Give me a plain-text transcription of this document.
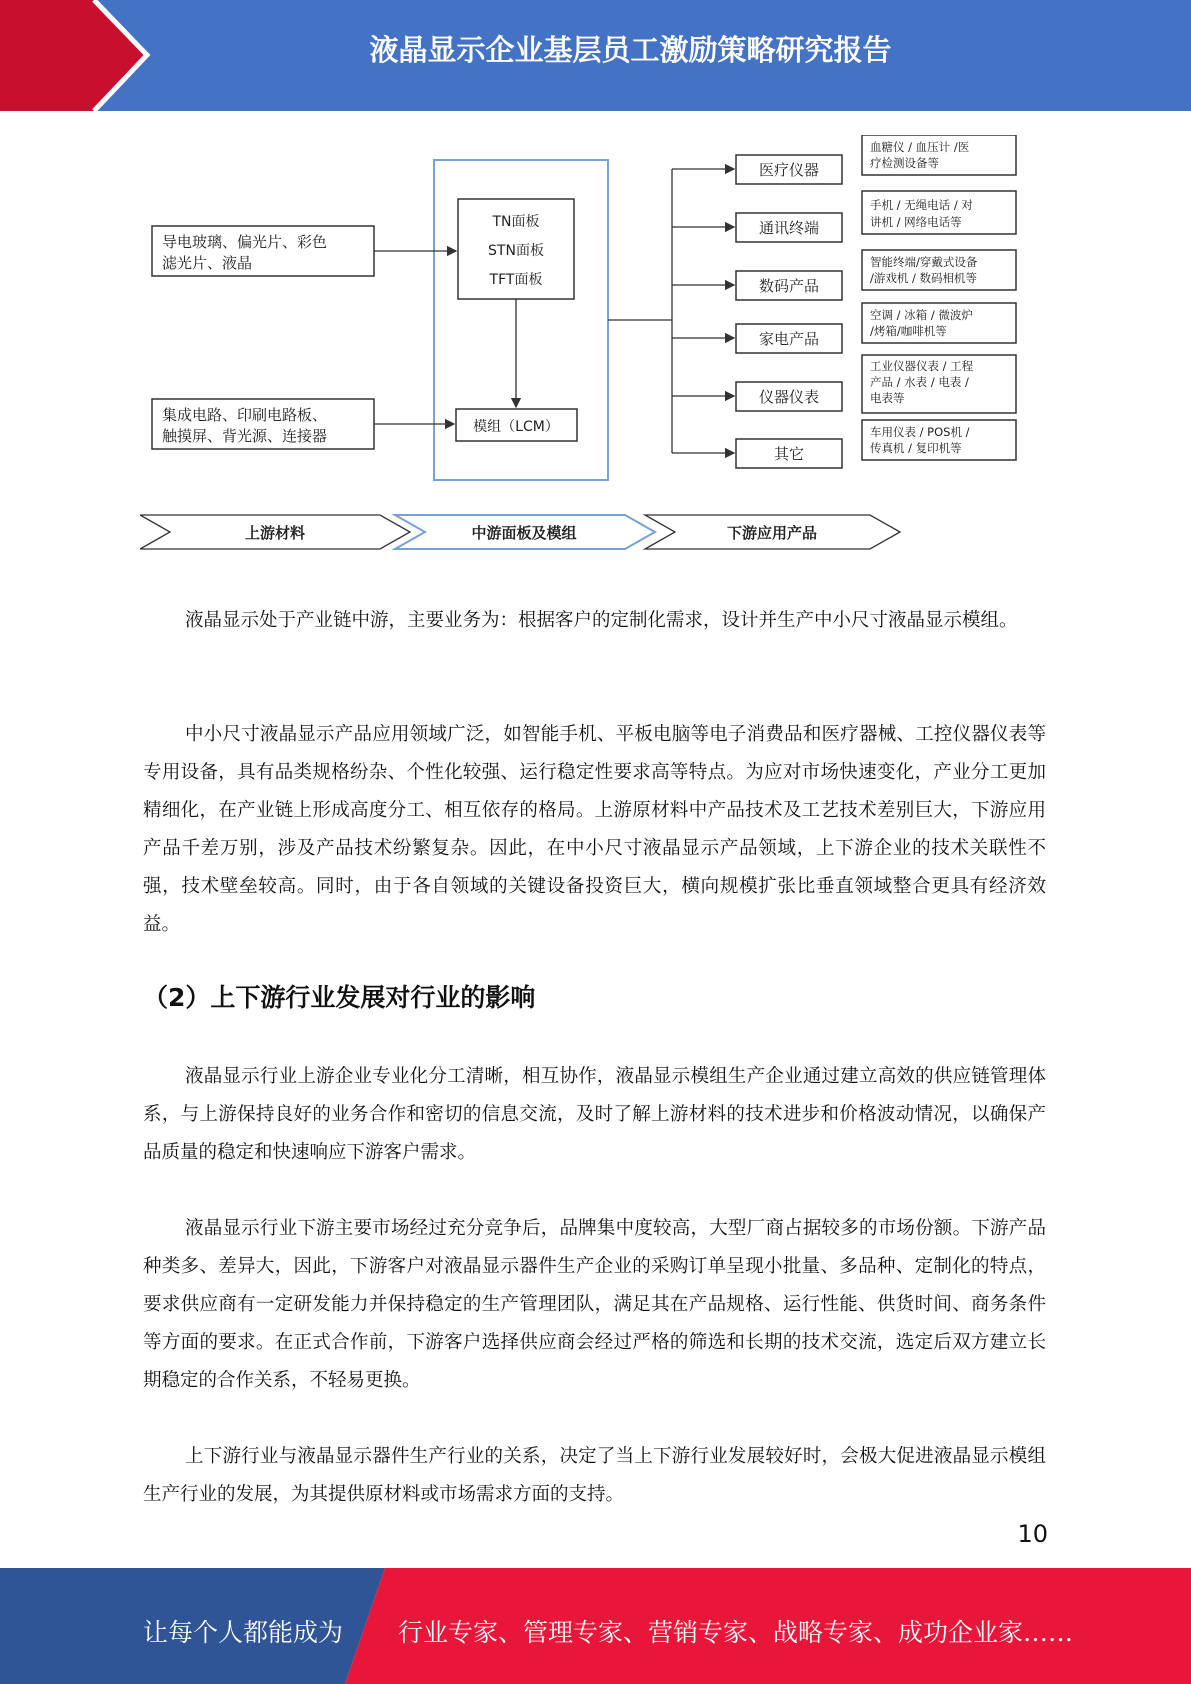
液晶显示企业基层员工激励策略研究报告
导电玻璃、偏光片、彩色
滤光片、液晶
集成电路、印刷电路板、
触摸屏、背光源、连接器
TN面板
STN面板
TFT面板
模组（LCM）
医疗仪器
血糖仪 / 血压计 /医
疗检测设备等
通讯终端
手机 / 无绳电话 / 对
讲机 / 网络电话等
数码产品
智能终端/穿戴式设备
/游戏机 / 数码相机等
家电产品
空调 / 冰箱 / 微波炉
/烤箱/咖啡机等
仪器仪表
工业仪器仪表 / 工程
产品 / 水表 / 电表 /
电表等
其它
车用仪表 / POS机 /
传真机 / 复印机等
上游材料	中游面板及模组	下游应用产品

液晶显示处于产业链中游，主要业务为：根据客户的定制化需求，设计并生产中小尺寸液晶显示模组。

中小尺寸液晶显示产品应用领域广泛，如智能手机、平板电脑等电子消费品和医疗器械、工控仪器仪表等专用设备，具有品类规格纷杂、个性化较强、运行稳定性要求高等特点。为应对市场快速变化，产业分工更加精细化，在产业链上形成高度分工、相互依存的格局。上游原材料中产品技术及工艺技术差别巨大，下游应用产品千差万别，涉及产品技术纷繁复杂。因此，在中小尺寸液晶显示产品领域，上下游企业的技术关联性不强，技术壁垒较高。同时，由于各自领域的关键设备投资巨大，横向规模扩张比垂直领域整合更具有经济效益。

（2）上下游行业发展对行业的影响

液晶显示行业上游企业专业化分工清晰，相互协作，液晶显示模组生产企业通过建立高效的供应链管理体系，与上游保持良好的业务合作和密切的信息交流，及时了解上游材料的技术进步和价格波动情况，以确保产品质量的稳定和快速响应下游客户需求。

液晶显示行业下游主要市场经过充分竞争后，品牌集中度较高，大型厂商占据较多的市场份额。下游产品种类多、差异大，因此，下游客户对液晶显示器件生产企业的采购订单呈现小批量、多品种、定制化的特点，要求供应商有一定研发能力并保持稳定的生产管理团队，满足其在产品规格、运行性能、供货时间、商务条件等方面的要求。在正式合作前，下游客户选择供应商会经过严格的筛选和长期的技术交流，选定后双方建立长期稳定的合作关系，不轻易更换。

上下游行业与液晶显示器件生产行业的关系，决定了当上下游行业发展较好时，会极大促进液晶显示模组生产行业的发展，为其提供原材料或市场需求方面的支持。

10
让每个人都能成为 行业专家、管理专家、营销专家、战略专家、成功企业家……
